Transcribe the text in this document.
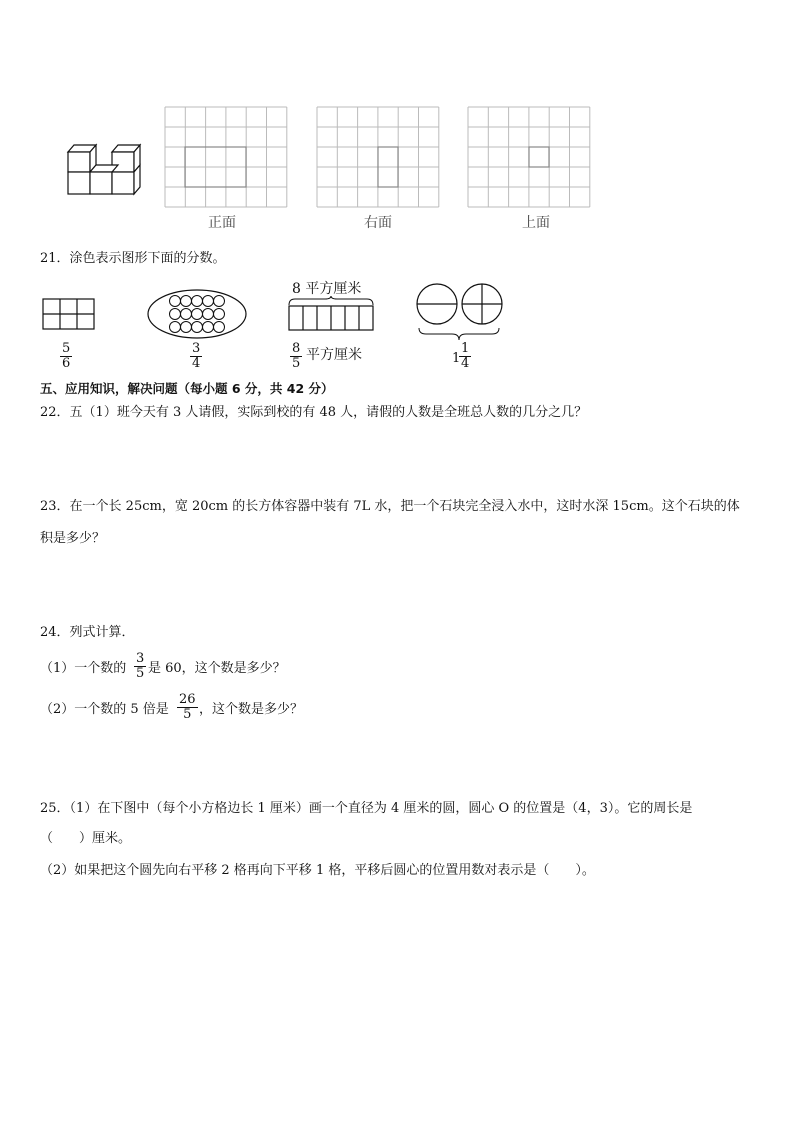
正面	右面	上面
21．涂色表示图形下面的分数。
8 平方厘米
$\frac{5}{6}$	$\frac{3}{4}$	$\frac{8}{5}$ 平方厘米	1
$\frac{1}{4}$
五、应用知识，解决问题（每小题 6 分，共 42 分）
22．五（1）班今天有 3 人请假，实际到校的有 48 人，请假的人数是全班总人数的几分之几？
23．在一个长 25cm，宽 20cm 的长方体容器中装有 7L 水，把一个石块完全浸入水中，这时水深 15cm。这个石块的体
积是多少？
24．列式计算．
（1）一个数的 $\frac{3}{5}$ 是 60，这个数是多少？
（2）一个数的 5 倍是 $\frac{26}{5}$ ，这个数是多少？
25．（1）在下图中（每个小方格边长 1 厘米）画一个直径为 4 厘米的圆，圆心 O 的位置是（4，3）。它的周长是
（　　）厘米。
（2）如果把这个圆先向右平移 2 格再向下平移 1 格，平移后圆心的位置用数对表示是（　　）。
